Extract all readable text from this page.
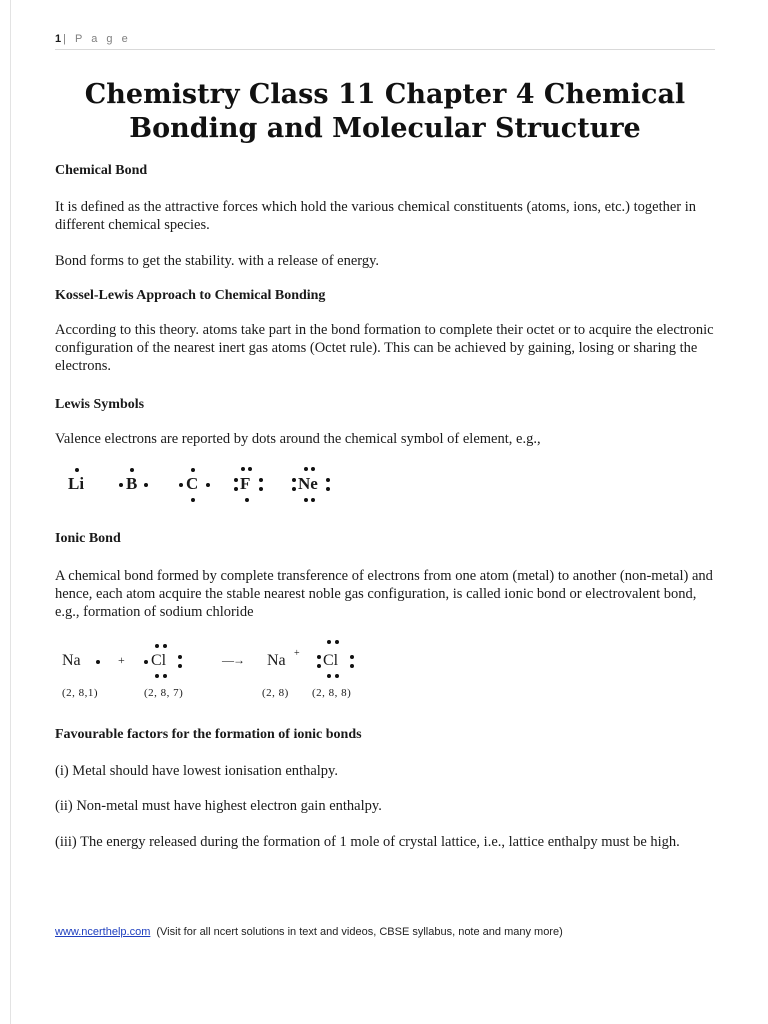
1 | P a g e
Chemistry Class 11 Chapter 4 Chemical
Bonding and Molecular Structure
Chemical Bond

It is defined as the attractive forces which hold the various chemical constituents (atoms, ions, etc.) together in different chemical species.

Bond forms to get the stability. with a release of energy.

Kossel-Lewis Approach to Chemical Bonding

According to this theory. atoms take part in the bond formation to complete their octet or to acquire the electronic configuration of the nearest inert gas atoms (Octet rule). This can be achieved by gaining, losing or sharing the electrons.

Lewis Symbols

Valence electrons are reported by dots around the chemical symbol of element, e.g.,

Li B	C F	Ne
Ionic Bond

A chemical bond formed by complete transference of electrons from one atom (metal) to another (non-metal) and hence, each atom acquire the stable nearest noble gas configuration, is called ionic bond or electrovalent bond, e.g., formation of sodium chloride

Na	+ Cl	—→ Na + Cl
(2, 8,1)	(2, 8, 7)	(2, 8) (2, 8, 8)
Favourable factors for the formation of ionic bonds

(i) Metal should have lowest ionisation enthalpy.

(ii) Non-metal must have highest electron gain enthalpy.

(iii) The energy released during the formation of 1 mole of crystal lattice, i.e., lattice enthalpy must be high.

www.ncerthelp.com (Visit for all ncert solutions in text and videos, CBSE syllabus, note and many more)
